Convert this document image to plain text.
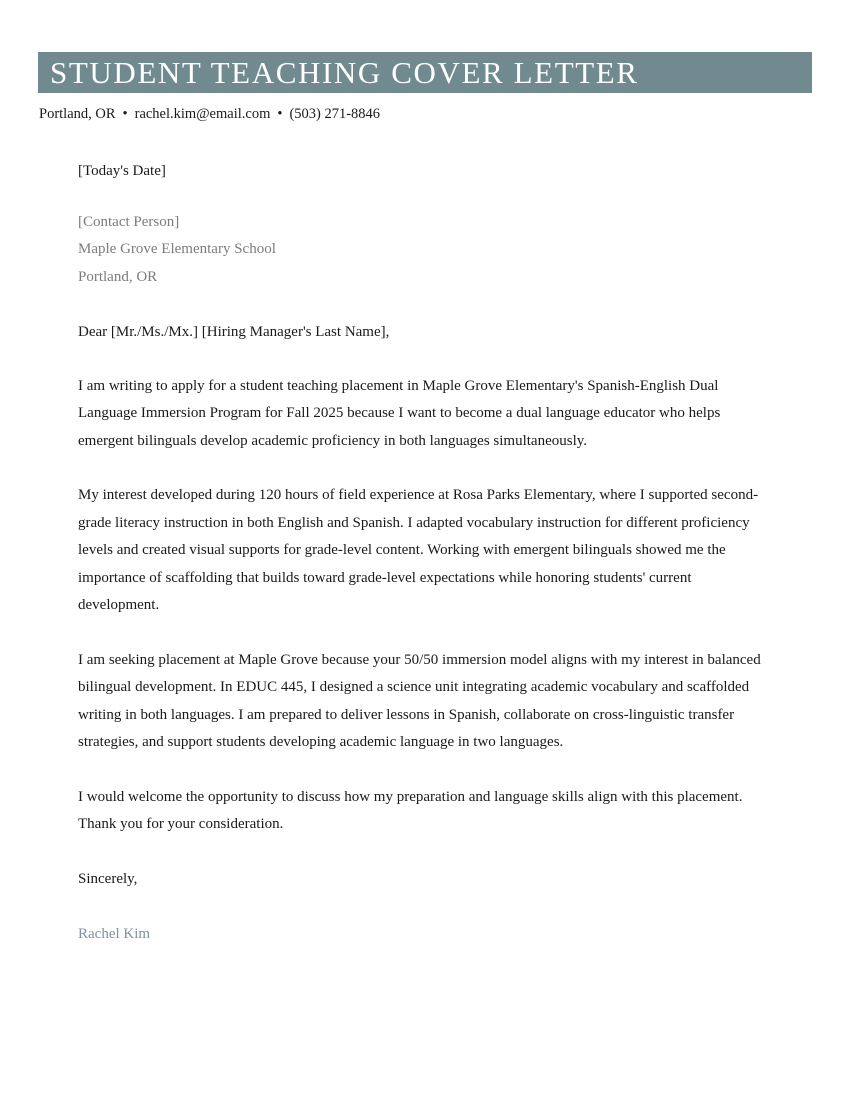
STUDENT TEACHING COVER LETTER
Portland, OR • rachel.kim@email.com • (503) 271-8846

[Today's Date]

[Contact Person]
Maple Grove Elementary School
Portland, OR

Dear [Mr./Ms./Mx.] [Hiring Manager's Last Name],

I am writing to apply for a student teaching placement in Maple Grove Elementary's Spanish-English Dual Language Immersion Program for Fall 2025 because I want to become a dual language educator who helps emergent bilinguals develop academic proficiency in both languages simultaneously.

My interest developed during 120 hours of field experience at Rosa Parks Elementary, where I supported second-grade literacy instruction in both English and Spanish. I adapted vocabulary instruction for different proficiency levels and created visual supports for grade-level content. Working with emergent bilinguals showed me the importance of scaffolding that builds toward grade-level expectations while honoring students' current development.

I am seeking placement at Maple Grove because your 50/50 immersion model aligns with my interest in balanced bilingual development. In EDUC 445, I designed a science unit integrating academic vocabulary and scaffolded writing in both languages. I am prepared to deliver lessons in Spanish, collaborate on cross-linguistic transfer strategies, and support students developing academic language in two languages.

I would welcome the opportunity to discuss how my preparation and language skills align with this placement. Thank you for your consideration.

Sincerely,

Rachel Kim
